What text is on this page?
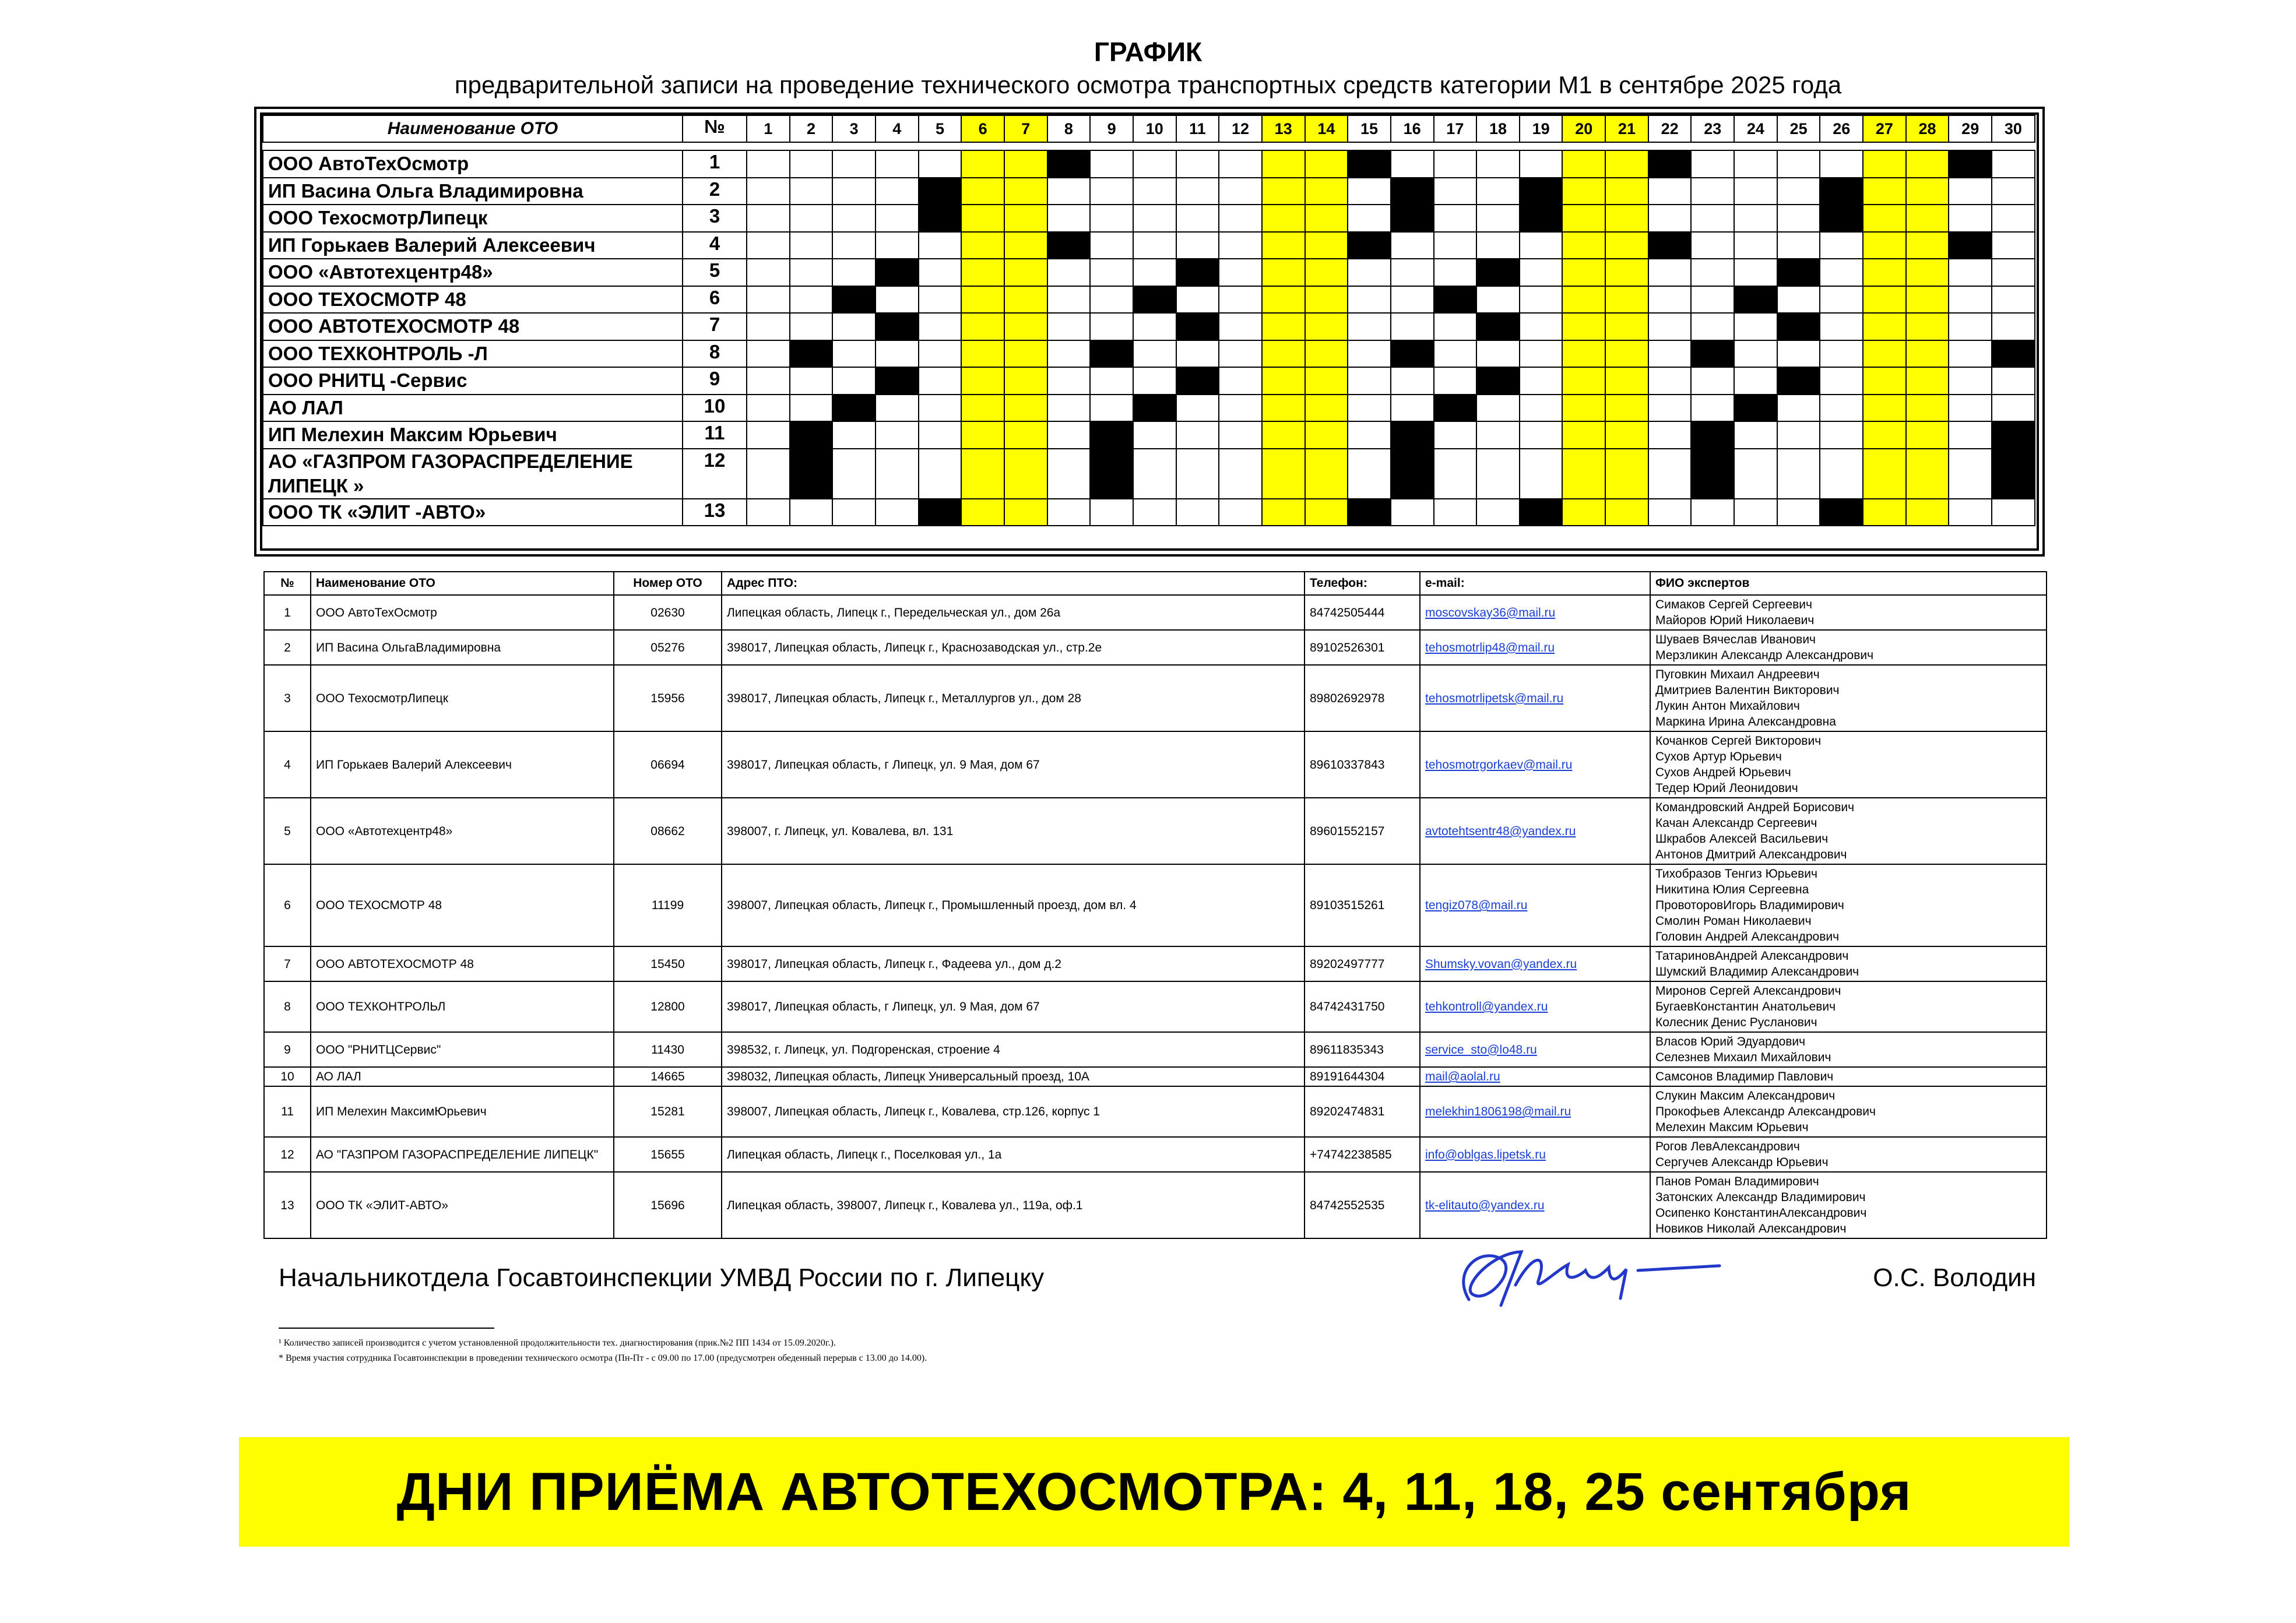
ГРАФИК
предварительной записи на проведение технического осмотра транспортных средств категории М1 в сентябре 2025 года
Наименование ОТО	№	1	2	3	4	5	6	7	8	9	10	11	12	13	14	15	16	17	18	19	20	21	22	23	24	25	26	27	28	29	30

ООО АвтоТехОсмотр	1																														
ИП Васина Ольга Владимировна	2																														
ООО ТехосмотрЛипецк	3																														
ИП Горькаев Валерий Алексеевич	4																														
ООО «Автотехцентр48»	5																														
ООО ТЕХОСМОТР 48	6																														
ООО АВТОТЕХОСМОТР 48	7																														
ООО ТЕХКОНТРОЛЬ -Л	8																														
ООО РНИТЦ -Сервис	9																														
АО ЛАЛ	10																														
ИП Мелехин Максим Юрьевич	11																														
АО «ГАЗПРОМ ГАЗОРАСПРЕДЕЛЕНИЕ ЛИПЕЦК »	12																														
ООО ТК «ЭЛИТ -АВТО»	13																														
№	Наименование ОТО	Номер ОТО	Адрес ПТО:	Телефон:	e-mail:	ФИО экспертов
1	ООО АвтоТехОсмотр	02630	Липецкая область, Липецк г., Передельческая ул., дом 26а	84742505444	moscovskay36@mail.ru	Симаков Сергей Сергеевич
Майоров Юрий Николаевич

2	ИП Васина ОльгаВладимировна	05276	398017, Липецкая область, Липецк г., Краснозаводская ул., стр.2е	89102526301	tehosmotrlip48@mail.ru	Шуваев Вячеслав Иванович
Мерзликин Александр Александрович

3	ООО ТехосмотрЛипецк	15956	398017, Липецкая область, Липецк г., Металлургов ул., дом 28	89802692978	tehosmotrlipetsk@mail.ru	Пуговкин Михаил Андреевич
Дмитриев Валентин Викторович
Лукин Антон Михайлович
Маркина Ирина Александровна

4	ИП Горькаев Валерий Алексеевич	06694	398017, Липецкая область, г Липецк, ул. 9 Мая, дом 67	89610337843	tehosmotrgorkaev@mail.ru	Кочанков Сергей Викторович
Сухов Артур Юрьевич
Сухов Андрей Юрьевич
Тедер Юрий Леонидович

5	ООО «Автотехцентр48»	08662	398007, г. Липецк, ул. Ковалева, вл. 131	89601552157	avtotehtsentr48@yandex.ru	Командровский Андрей Борисович
Качан Александр Сергеевич
Шкрабов Алексей Васильевич
Антонов Дмитрий Александрович

6	ООО ТЕХОСМОТР 48	11199	398007, Липецкая область, Липецк г., Промышленный проезд, дом вл. 4	89103515261	tengiz078@mail.ru	Тихобразов Тенгиз Юрьевич
Никитина Юлия Сергеевна
ПровоторовИгорь Владимирович
Смолин Роман Николаевич
Головин Андрей Александрович

7	ООО АВТОТЕХОСМОТР 48	15450	398017, Липецкая область, Липецк г., Фадеева ул., дом д.2	89202497777	Shumsky.vovan@yandex.ru	ТатариновАндрей Александрович
Шумский Владимир Александрович

8	ООО ТЕХКОНТРОЛЬЛ	12800	398017, Липецкая область, г Липецк, ул. 9 Мая, дом 67	84742431750	tehkontroll@yandex.ru	Миронов Сергей Александрович
БугаевКонстантин Анатольевич
Колесник Денис Русланович

9	ООО "РНИТЦСервис"	11430	398532, г. Липецк, ул. Подгоренская, строение 4	89611835343	service_sto@lo48.ru	Власов Юрий Эдуардович
Селезнев Михаил Михайлович

10	АО ЛАЛ	14665	398032, Липецкая область, Липецк Универсальный проезд, 10А	89191644304	mail@aolal.ru	Самсонов Владимир Павлович

11	ИП Мелехин МаксимЮрьевич	15281	398007, Липецкая область, Липецк г., Ковалева, стр.126, корпус 1	89202474831	melekhin1806198@mail.ru	Слукин Максим Александрович
Прокофьев Александр Александрович
Мелехин Максим Юрьевич

12	АО "ГАЗПРОМ ГАЗОРАСПРЕДЕЛЕНИЕ ЛИПЕЦК"	15655	Липецкая область, Липецк г., Поселковая ул., 1а	+74742238585	info@oblgas.lipetsk.ru	Рогов ЛевАлександрович
Сергучев Александр Юрьевич

13	ООО ТК «ЭЛИТ-АВТО»	15696	Липецкая область, 398007, Липецк г., Ковалева ул., 119а, оф.1	84742552535	tk-elitauto@yandex.ru	Панов Роман Владимирович
Затонских Александр Владимирович
Осипенко КонстантинАлександрович
Новиков Николай Александрович
Начальникотдела Госавтоинспекции УМВД России по г. Липецку	О.С. Володин
¹ Количество записей производится с учетом установленной продолжительности тех. диагностирования (прик.№2 ПП 1434 от 15.09.2020г.).
* Время участия сотрудника Госавтоинспекции в проведении технического осмотра (Пн-Пт - с 09.00 по 17.00 (предусмотрен обеденный перерыв с 13.00 до 14.00).
ДНИ ПРИЁМА АВТОТЕХОСМОТРА: 4, 11, 18, 25 сентября
